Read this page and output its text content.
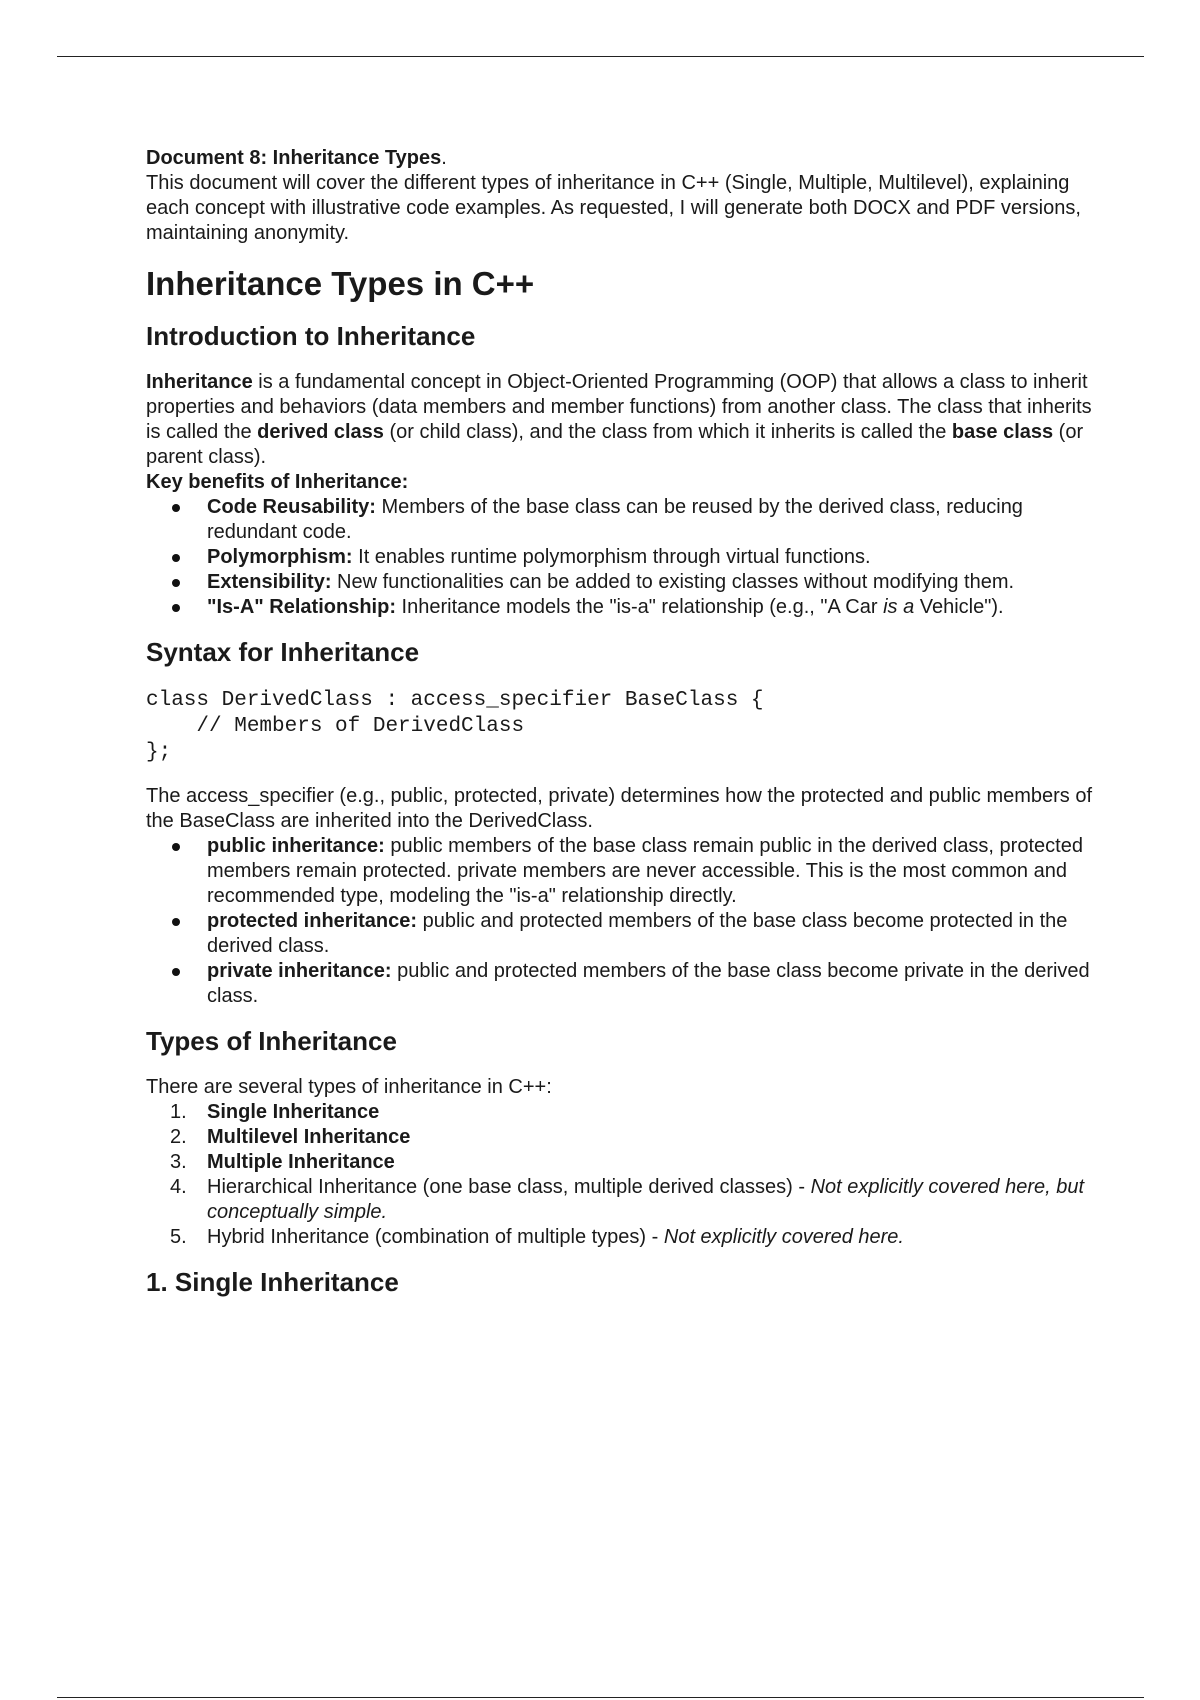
Document 8: Inheritance Types.

This document will cover the different types of inheritance in C++ (Single, Multiple, Multilevel), explaining each concept with illustrative code examples. As requested, I will generate both DOCX and PDF versions, maintaining anonymity.

Inheritance Types in C++
Introduction to Inheritance

Inheritance is a fundamental concept in Object-Oriented Programming (OOP) that allows a class to inherit properties and behaviors (data members and member functions) from another class. The class that inherits is called the derived class (or child class), and the class from which it inherits is called the base class (or parent class).

Key benefits of Inheritance:

Code Reusability: Members of the base class can be reused by the derived class, reducing redundant code.
Polymorphism: It enables runtime polymorphism through virtual functions.
Extensibility: New functionalities can be added to existing classes without modifying them.
"Is-A" Relationship: Inheritance models the "is-a" relationship (e.g., "A Car is a Vehicle").
Syntax for Inheritance
class DerivedClass : access_specifier BaseClass {
// Members of DerivedClass
};

The access_specifier (e.g., public, protected, private) determines how the protected and public members of the BaseClass are inherited into the DerivedClass.

public inheritance: public members of the base class remain public in the derived class, protected members remain protected. private members are never accessible. This is the most common and recommended type, modeling the "is-a" relationship directly.
protected inheritance: public and protected members of the base class become protected in the derived class.
private inheritance: public and protected members of the base class become private in the derived class.
Types of Inheritance

There are several types of inheritance in C++:

1. Single Inheritance
2. Multilevel Inheritance
3. Multiple Inheritance
4. Hierarchical Inheritance (one base class, multiple derived classes) - Not explicitly covered here, but conceptually simple.
5. Hybrid Inheritance (combination of multiple types) - Not explicitly covered here.
1. Single Inheritance
